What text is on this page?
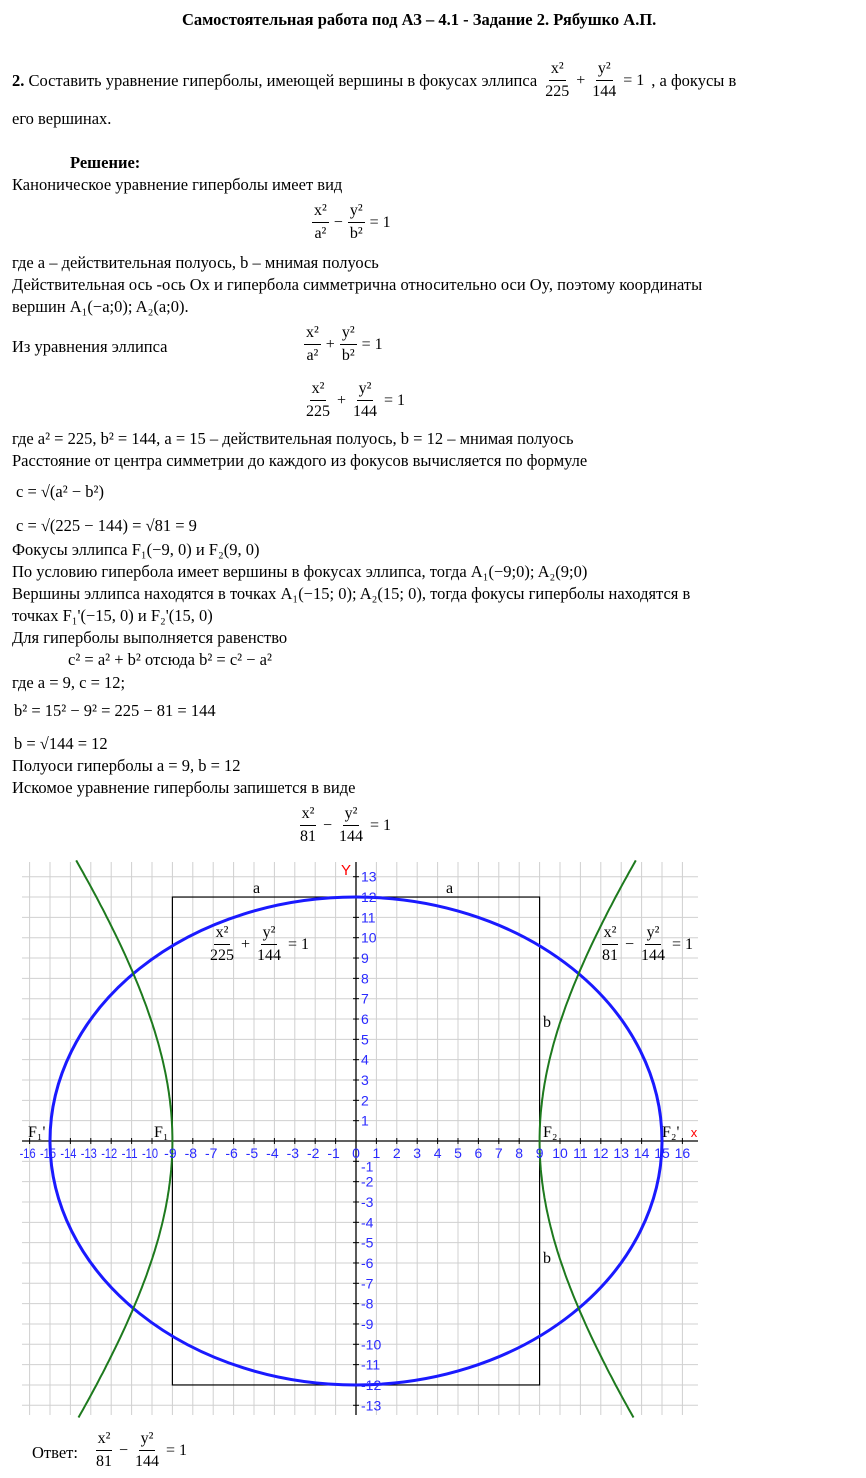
Самостоятельная работа под АЗ – 4.1 - Задание 2. Рябушко А.П.
2.
Составить уравнение гиперболы, имеющей вершины в фокусах эллипса $\frac{\text{x²}}{225} + \frac{\text{y²}}{144} = 1$ , а фокусы в
его вершинах.
Решение:
Каноническое уравнение гиперболы имеет вид
$\frac{\text{x²}}{\text{a²}} - \frac{\text{y²}}{\text{b²}} = 1$
где a – действительная полуось, b – мнимая полуось
Действительная ось -ось Ox и гипербола симметрична относительно оси Oy, поэтому координаты
вершин A₁(−a;0); A₂(a;0).
Из уравнения эллипса	$\frac{\text{x²}}{\text{a²}} + \frac{\text{y²}}{\text{b²}} = 1$
$\frac{\text{x²}}{225} + \frac{\text{y²}}{144} = 1$
где a² = 225, b² = 144, a = 15 – действительная полуось, b = 12 – мнимая полуось
Расстояние от центра симметрии до каждого из фокусов вычисляется по формуле
c = √(a² − b²)
c = √(225 − 144) = √81 = 9
Фокусы эллипса F₁(−9, 0) и F₂(9, 0)
По условию гипербола имеет вершины в фокусах эллипса, тогда A₁(−9;0); A₂(9;0)
Вершины эллипса находятся в точках A₁(−15; 0); A₂(15; 0), тогда фокусы гиперболы находятся в
точках F₁'(−15, 0) и F₂'(15, 0)
Для гиперболы выполняется равенство
c² = a² + b² отсюда b² = c² − a²
где a = 9, c = 12;
b² = 15² − 9² = 225 − 81 = 144
b = √144 = 12
Полуоси гиперболы a = 9, b = 12
Искомое уравнение гиперболы запишется в виде
$\frac{\text{x²}}{81} - \frac{\text{y²}}{144} = 1$
-16 -15 -14 -13 -12 -11 -10 -9 -8 -7 -6 -5 -4 -3 -2 -1 0 1 2 3 4 5 6 7 8 9 10 11 12 13 14 15 16
-13
-12
-11
-10
-9
-8
-7
-6
-5
-4
-3
-2
-1
1
2
3
4
5
6
7
8
9
10
11
12
13
Y
x
a	a
b
b
F₁'	F₁	F₂	F₂'
$\frac{\text{x²}}{225} + \frac{\text{y²}}{144} = 1$	$\frac{\text{x²}}{81} - \frac{\text{y²}}{144} = 1$
Ответ: $\frac{\text{x²}}{81} - \frac{\text{y²}}{144} = 1$
